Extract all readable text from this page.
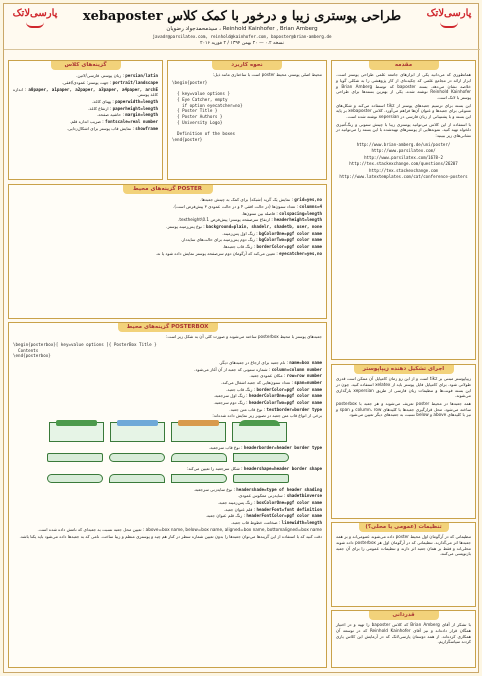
پارسی‌لاتک	طراحی پوستری زیبا و درخور با کمک کلاس xebaposter
Reinhold Kainhofer , Brian Amberg ، سیدمحمدجواد رضویان
javadr@parsilatex.com, reinhold@kainhofer.com, baposter@brian-amberg.de
نسخه ۰.۲ — ۲۰ بهمن ۱۳۹۴ / ۲ فوریه ۲۰۱۶
پارسی‌لاتک
مقدمه

همانطوری که می‌دانید یکی از ابزارهای جامعه علمی طراحی پوستر است. ابزار ارائه در مجامع علمی که چکیده‌ای از کار پژوهشی را به شکلی گویا و خلاصه نشان می‌دهد. بسته baposter که توسط Brian Amberg و Reinhold Kainhofer نوشته شده، یکی از بهترین بسته‌ها برای طراحی پوستر با لاتک است.

این بسته برای ترسیم جعبه‌های پوستر از tikz استفاده می‌کند و شکل‌های متنوعی برای جعبه‌ها و عنوان آن‌ها فراهم می‌آورد. کلاس xebaposter بر پایه این بسته و با پشتیبانی از زبان فارسی در xepersian نوشته شده است.

با استفاده از این کلاس می‌توانید پوستری زیبا با چینش ستونی و رنگ‌آمیزی دلخواه تهیه کنید. نمونه‌هایی از پوسترهای تهیه‌شده با این بسته را می‌توانید در نشانی‌های زیر ببینید:

http://www.brian-amberg.de/uni/poster/
http://www.parsilatex.com/
http://www.parsilatex.com/1678-2
http://tex.stackexchange.com/questions/26207
http://tex.stackexchange.com
http://www.latextemplates.com/cat/conference-posters
اجرای تشکیل دهنده زیپاپوستر

زیپاپوستر مبتنی بر tikz است و از این رو زمان کامپایل آن ممکن است قدری طولانی شود. برای کامپایل فایل پوستر باید از xelatex استفاده کنید. چون در این بسته فونت‌ها و تنظیمات زبان فارسی از طریق xepersian بارگذاری می‌شوند.

همه جعبه‌ها در محیط poster تعریف می‌شوند و هر جعبه با posterbox ساخته می‌شود. محل قرارگیری جعبه‌ها با کلیدهای column، row و span و نیز با کلیدهای above و below نسبت به جعبه‌های دیگر تعیین می‌شود.

تنظیمات (عمومی یا محلی؟)

تنظیماتی که در آرگومان اول محیط poster داده می‌شوند عمومی‌اند و بر همه جعبه‌ها اثر می‌گذارند. تنظیماتی که در آرگومان اول هر posterbox داده شوند محلی‌اند و فقط بر همان جعبه اثر دارند و تنظیمات عمومی را برای آن جعبه بازنویسی می‌کنند.

قدردانی

با تشکر از آقای Brian Amberg که کلاس baposter را تهیه و در اختیار همگان قرار داده‌اند و نیز آقای Reinhold Kainhofer که در توسعه آن همکاری کرده‌اند. از همه دوستان پارسی‌لاتک که در آزمایش این کلاس یاری کردند سپاسگزاریم.

نحوه کاربرد

محیط اصلی پوستر، محیط poster است با ساختاری مانند ذیل:

\begin{poster}

{ key=value options }
{ Eye Catcher, empty
if option eyecatcher=no}
{ Poster Title }
{ Poster Authors }
{ University Logo}

Definition of the boxes
\end{poster}
گزینه‌های کلاس
persian/latin : زبان پوستر، فارسی/لاتین.
portrait/landscape : جهت پوستر: عمودی/افقی.
a0paper, a1paper, a2paper, a3paper, a4paper, archE : اندازه کاغذ پوستر.
paperwidth=length : پهنای کاغذ.
paperheight=length : ارتفاع کاغذ.
margin=length : حاشیه صفحه.
fontscale=real number : ضریب اندازه قلم.
showframe : نمایش قاب پوستر برای اشکال‌زدایی.
گزینه‌های محیط POSTER
grid=yes,no : نمایش یک گرید (شبکه) برای کمک به چینش جعبه‌ها.
columns=4 : تعداد ستون‌ها (در حالت افقی ۴ و در حالت عمودی ۳ پیش‌فرض است).
colspacing=length : فاصله بین ستون‌ها.
headerheight=length : ارتفاع سرصفحه پوستر؛ پیش‌فرض 0.1\textheight.
background=plain, shadelr, shadetb, user, none : نوع پس‌زمینه پوستر.
bgColorOne=pgf color name : رنگ اول پس‌زمینه.
bgColorTwo=pgf color name : رنگ دوم پس‌زمینه برای حالت‌های سایه‌دار.
borderColor=pgf color name : رنگ قاب جعبه‌ها.
eyecatcher=yes,no : تعیین می‌کند که آرگومان دوم سرصفحه پوستر نمایش داده شود یا نه.
گزینه‌های محیط POSTERBOX

جعبه‌های پوستر با محیط posterbox ساخته می‌شوند و صورت کلی آن به شکل زیر است:

\begin{posterbox}[ key=value options ]{ PosterBox Title }
Contents
\end{posterbox}
name=box name : نام جعبه برای ارجاع در جعبه‌های دیگر.
column=column number : شماره ستونی که جعبه از آن آغاز می‌شود.
row=row number : مکان عمودی جعبه.
span=number : تعداد ستون‌هایی که جعبه اشغال می‌کند.
borderColor=pgf color name : رنگ قاب جعبه.
headerColorOne=pgf color name : رنگ اول سرجعبه.
headerColorTwo=pgf color name : رنگ دوم سرجعبه.
textborder=border type : نوع قاب متن جعبه.

برخی از انواع قاب متن جعبه در تصویر زیر نمایش داده شده‌اند:

headerborder=header border type : نوع قاب سرجعبه.
headershape=header border shape : شکل سرجعبه را تعیین می‌کند:
headershade=type of header shading : نوع سایه‌زنی سرجعبه.
shadetbinverse : سایه‌زنی معکوس عمودی.
boxColorOne=pgf color name : رنگ پس‌زمینه جعبه.
headerFont=font definition : قلم عنوان جعبه.
headerFontColor=pgf color name : رنگ قلم عنوان جعبه.
linewidth=length : ضخامت خطوط قاب جعبه.

above=box name, below=box name, aligned=box name, bottomaligned=box name : تعیین محل جعبه نسبت به جعبه‌ای که نامش داده شده است.

دقت کنید که با استفاده از این گزینه‌ها می‌توان جعبه‌ها را بدون تعیین شماره سطر در کنار هم چید و پوستری منظم و زیبا ساخت. نامی که به جعبه‌ها داده می‌شود باید یکتا باشد.
